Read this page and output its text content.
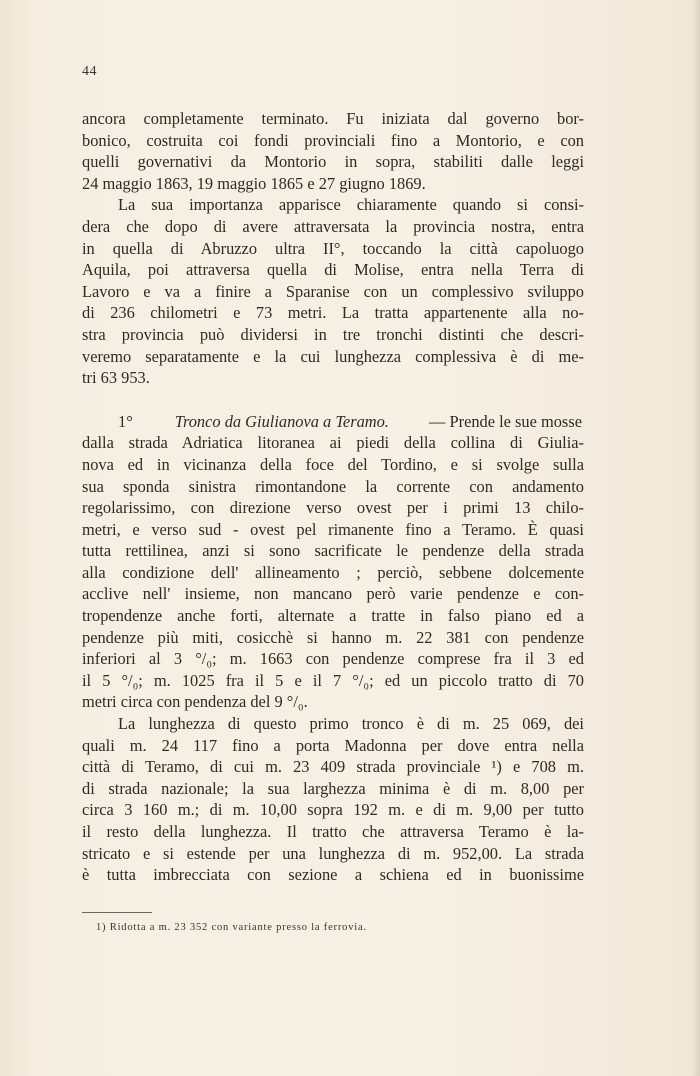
44
ancora completamente terminato. Fu iniziata dal governo bor-
bonico, costruita coi fondi provinciali fino a Montorio, e con
quelli governativi da Montorio in sopra, stabiliti dalle leggi
24 maggio 1863, 19 maggio 1865 e 27 giugno 1869.
La sua importanza apparisce chiaramente quando si consi-
dera che dopo di avere attraversata la provincia nostra, entra
in quella di Abruzzo ultra II°, toccando la città capoluogo
Aquila, poi attraversa quella di Molise, entra nella Terra di
Lavoro e va a finire a Sparanise con un complessivo sviluppo
di 236 chilometri e 73 metri. La tratta appartenente alla no-
stra provincia può dividersi in tre tronchi distinti che descri-
veremo separatamente e la cui lunghezza complessiva è di me-
tri 63 953.
1°	Tronco da Giulianova a Teramo.	— Prende le sue mosse
dalla strada Adriatica litoranea ai piedi della collina di Giulia-
nova ed in vicinanza della foce del Tordino, e si svolge sulla
sua sponda sinistra rimontandone la corrente con andamento
regolarissimo, con direzione verso ovest per i primi 13 chilo-
metri, e verso sud - ovest pel rimanente fino a Teramo. È quasi
tutta rettilinea, anzi si sono sacrificate le pendenze della strada
alla condizione dell' allineamento ; perciò, sebbene dolcemente
acclive nell' insieme, non mancano però varie pendenze e con-
tropendenze anche forti, alternate a tratte in falso piano ed a
pendenze più miti, cosicchè si hanno m. 22 381 con pendenze
inferiori al 3 °/₀; m. 1663 con pendenze comprese fra il 3 ed
il 5 °/₀; m. 1025 fra il 5 e il 7 °/₀; ed un piccolo tratto di 70
metri circa con pendenza del 9 °/₀.
La lunghezza di questo primo tronco è di m. 25 069, dei
quali m. 24 117 fino a porta Madonna per dove entra nella
città di Teramo, di cui m. 23 409 strada provinciale ¹) e 708 m.
di strada nazionale; la sua larghezza minima è di m. 8,00 per
circa 3 160 m.; di m. 10,00 sopra 192 m. e di m. 9,00 per tutto
il resto della lunghezza. Il tratto che attraversa Teramo è la-
stricato e si estende per una lunghezza di m. 952,00. La strada
è tutta imbrecciata con sezione a schiena ed in buonissime
1) Ridotta a m. 23 352 con variante presso la ferrovia.
